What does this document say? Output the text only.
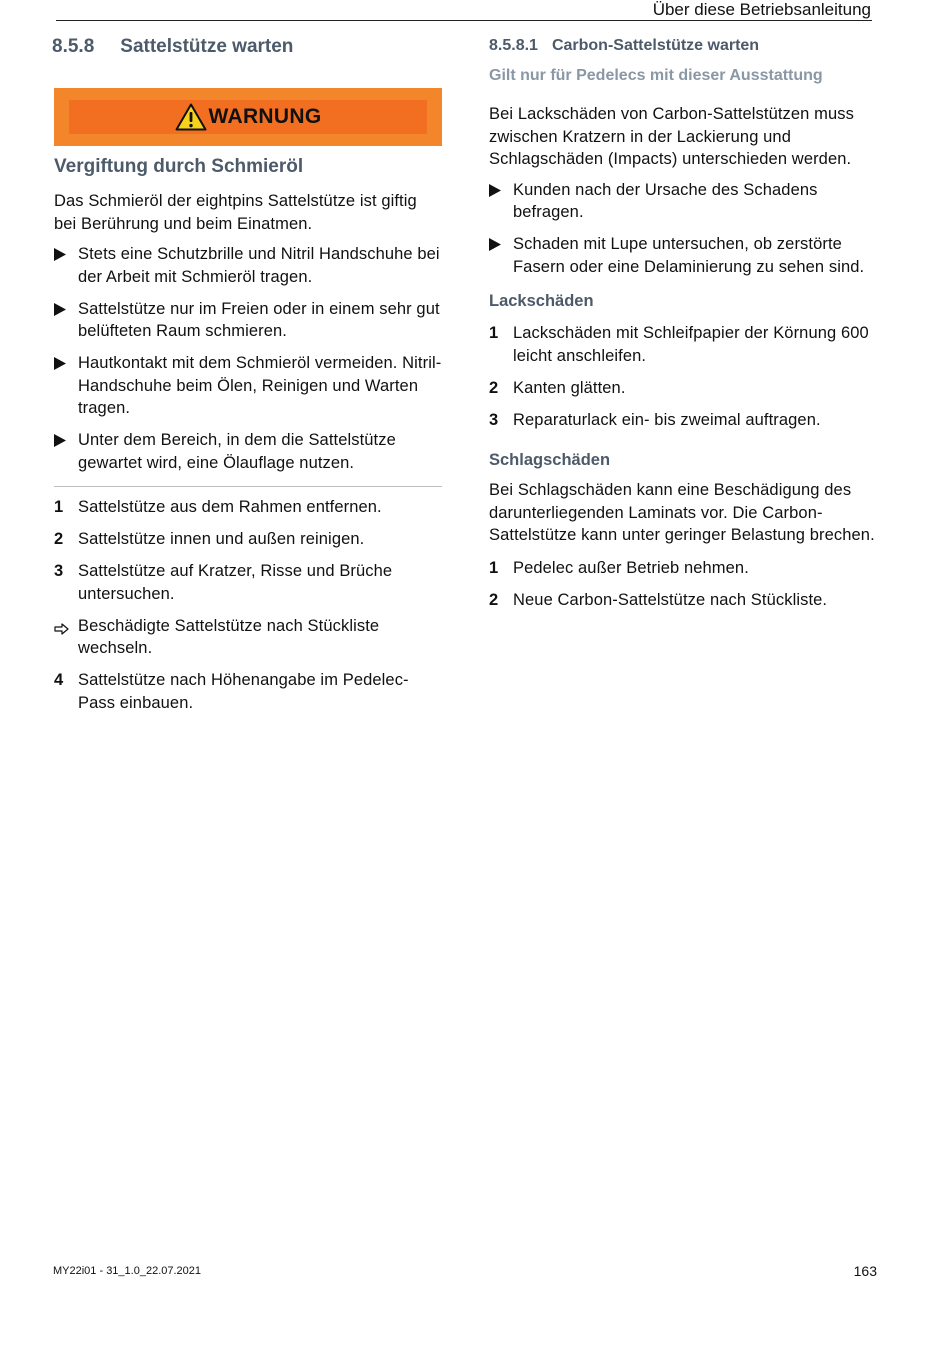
Über diese Betriebsanleitung
8.5.8 Sattelstütze warten
WARNUNG
Vergiftung durch Schmieröl

Das Schmieröl der eightpins Sattelstütze ist giftig bei Berührung und beim Einatmen.

Stets eine Schutzbrille und Nitril Handschuhe bei der Arbeit mit Schmieröl tragen.
Sattelstütze nur im Freien oder in einem sehr gut belüfteten Raum schmieren.
Hautkontakt mit dem Schmieröl vermeiden. Nitril-Handschuhe beim Ölen, Reinigen und Warten tragen.
Unter dem Bereich, in dem die Sattelstütze gewartet wird, eine Ölauflage nutzen.
1 Sattelstütze aus dem Rahmen entfernen.
2 Sattelstütze innen und außen reinigen.
3 Sattelstütze auf Kratzer, Risse und Brüche untersuchen.
Beschädigte Sattelstütze nach Stückliste wechseln.
4 Sattelstütze nach Höhenangabe im Pedelec-Pass einbauen.
8.5.8.1 Carbon-Sattelstütze warten
Gilt nur für Pedelecs mit dieser Ausstattung

Bei Lackschäden von Carbon-Sattelstützen muss zwischen Kratzern in der Lackierung und Schlagschäden (Impacts) unterschieden werden.

Kunden nach der Ursache des Schadens befragen.
Schaden mit Lupe untersuchen, ob zerstörte Fasern oder eine Delaminierung zu sehen sind.
Lackschäden
1 Lackschäden mit Schleifpapier der Körnung 600 leicht anschleifen.
2 Kanten glätten.
3 Reparaturlack ein- bis zweimal auftragen.
Schlagschäden

Bei Schlagschäden kann eine Beschädigung des darunterliegenden Laminats vor. Die Carbon-Sattelstütze kann unter geringer Belastung brechen.

1 Pedelec außer Betrieb nehmen.
2 Neue Carbon-Sattelstütze nach Stückliste.
MY22i01 - 31_1.0_22.07.2021	163
